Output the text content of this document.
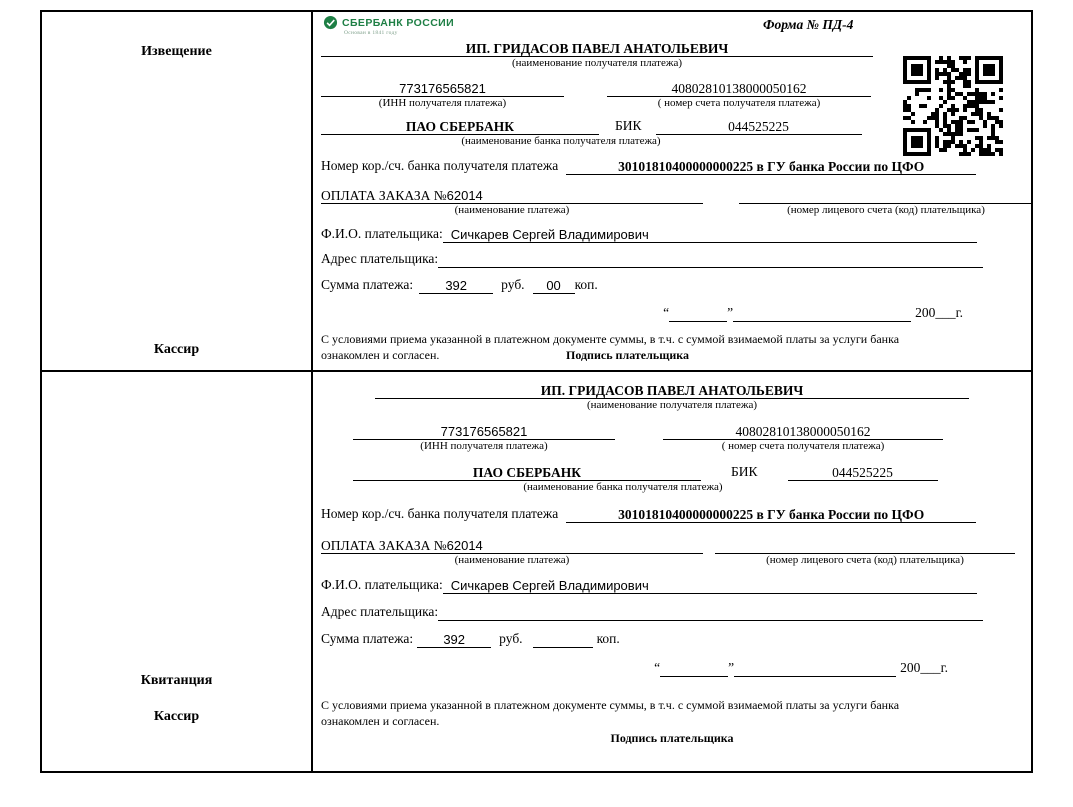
Извещение
Кассир
СБЕРБАНК РОССИИ
Основан в 1841 году
Форма № ПД-4
ИП. ГРИДАСОВ ПАВЕЛ АНАТОЛЬЕВИЧ
(наименование получателя платежа)
773176565821	40802810138000050162
(ИНН получателя платежа)	( номер счета получателя платежа)
ПАО СБЕРБАНК	БИК	044525225
(наименование банка получателя платежа)
Номер кор./сч. банка получателя платежа	30101810400000000225 в ГУ банка России по ЦФО
ОПЛАТА ЗАКАЗА №62014
(наименование платежа)	(номер лицевого счета (код) плательщика)
Ф.И.О. плательщика: Сичкарев Сергей Владимирович
Адрес плательщика:
Сумма платежа: 392	руб. 00 коп.
“	”	200___г.
С условиями приема указанной в платежном документе суммы, в т.ч. с суммой взимаемой платы за услуги банка ознакомлен и согласен.	Подпись плательщика
Квитанция
Кассир
ИП. ГРИДАСОВ ПАВЕЛ АНАТОЛЬЕВИЧ
(наименование получателя платежа)
773176565821	40802810138000050162
(ИНН получателя платежа)	( номер счета получателя платежа)
ПАО СБЕРБАНК	БИК	044525225
(наименование банка получателя платежа)
Номер кор./сч. банка получателя платежа	30101810400000000225 в ГУ банка России по ЦФО
ОПЛАТА ЗАКАЗА №62014
(наименование платежа)	(номер лицевого счета (код) плательщика)
Ф.И.О. плательщика: Сичкарев Сергей Владимирович
Адрес плательщика:
Сумма платежа: 392	руб.	коп.
“	”	200___г.
С условиями приема указанной в платежном документе суммы, в т.ч. с суммой взимаемой платы за услуги банка ознакомлен и согласен.
Подпись плательщика
